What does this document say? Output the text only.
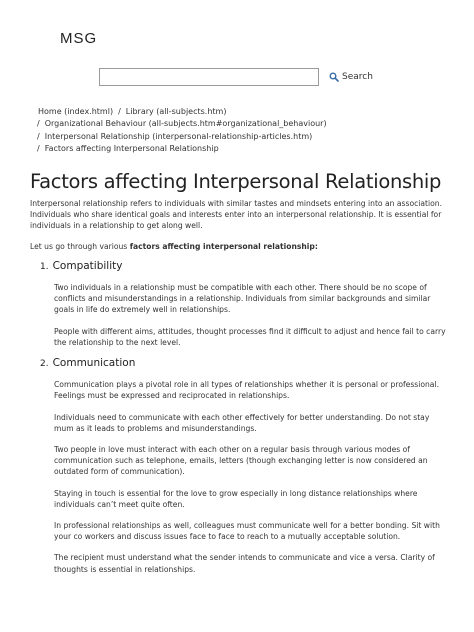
MSG
Search
Home (index.html) / Library (all-subjects.htm)
/ Organizational Behaviour (all-subjects.htm#organizational_behaviour)
/ Interpersonal Relationship (interpersonal-relationship-articles.htm)
/ Factors affecting Interpersonal Relationship
Factors affecting Interpersonal Relationship

Interpersonal relationship refers to individuals with similar tastes and mindsets entering into an association. Individuals who share identical goals and interests enter into an interpersonal relationship. It is essential for individuals in a relationship to get along well.

Let us go through various factors affecting interpersonal relationship:

1. Compatibility

Two individuals in a relationship must be compatible with each other. There should be no scope of conflicts and misunderstandings in a relationship. Individuals from similar backgrounds and similar goals in life do extremely well in relationships.

People with different aims, attitudes, thought processes find it difficult to adjust and hence fail to carry the relationship to the next level.

2. Communication

Communication plays a pivotal role in all types of relationships whether it is personal or professional. Feelings must be expressed and reciprocated in relationships.

Individuals need to communicate with each other effectively for better understanding. Do not stay mum as it leads to problems and misunderstandings.

Two people in love must interact with each other on a regular basis through various modes of communication such as telephone, emails, letters (though exchanging letter is now considered an outdated form of communication).

Staying in touch is essential for the love to grow especially in long distance relationships where individuals can’t meet quite often.

In professional relationships as well, colleagues must communicate well for a better bonding. Sit with your co workers and discuss issues face to face to reach to a mutually acceptable solution.

The recipient must understand what the sender intends to communicate and vice a versa. Clarity of thoughts is essential in relationships.
